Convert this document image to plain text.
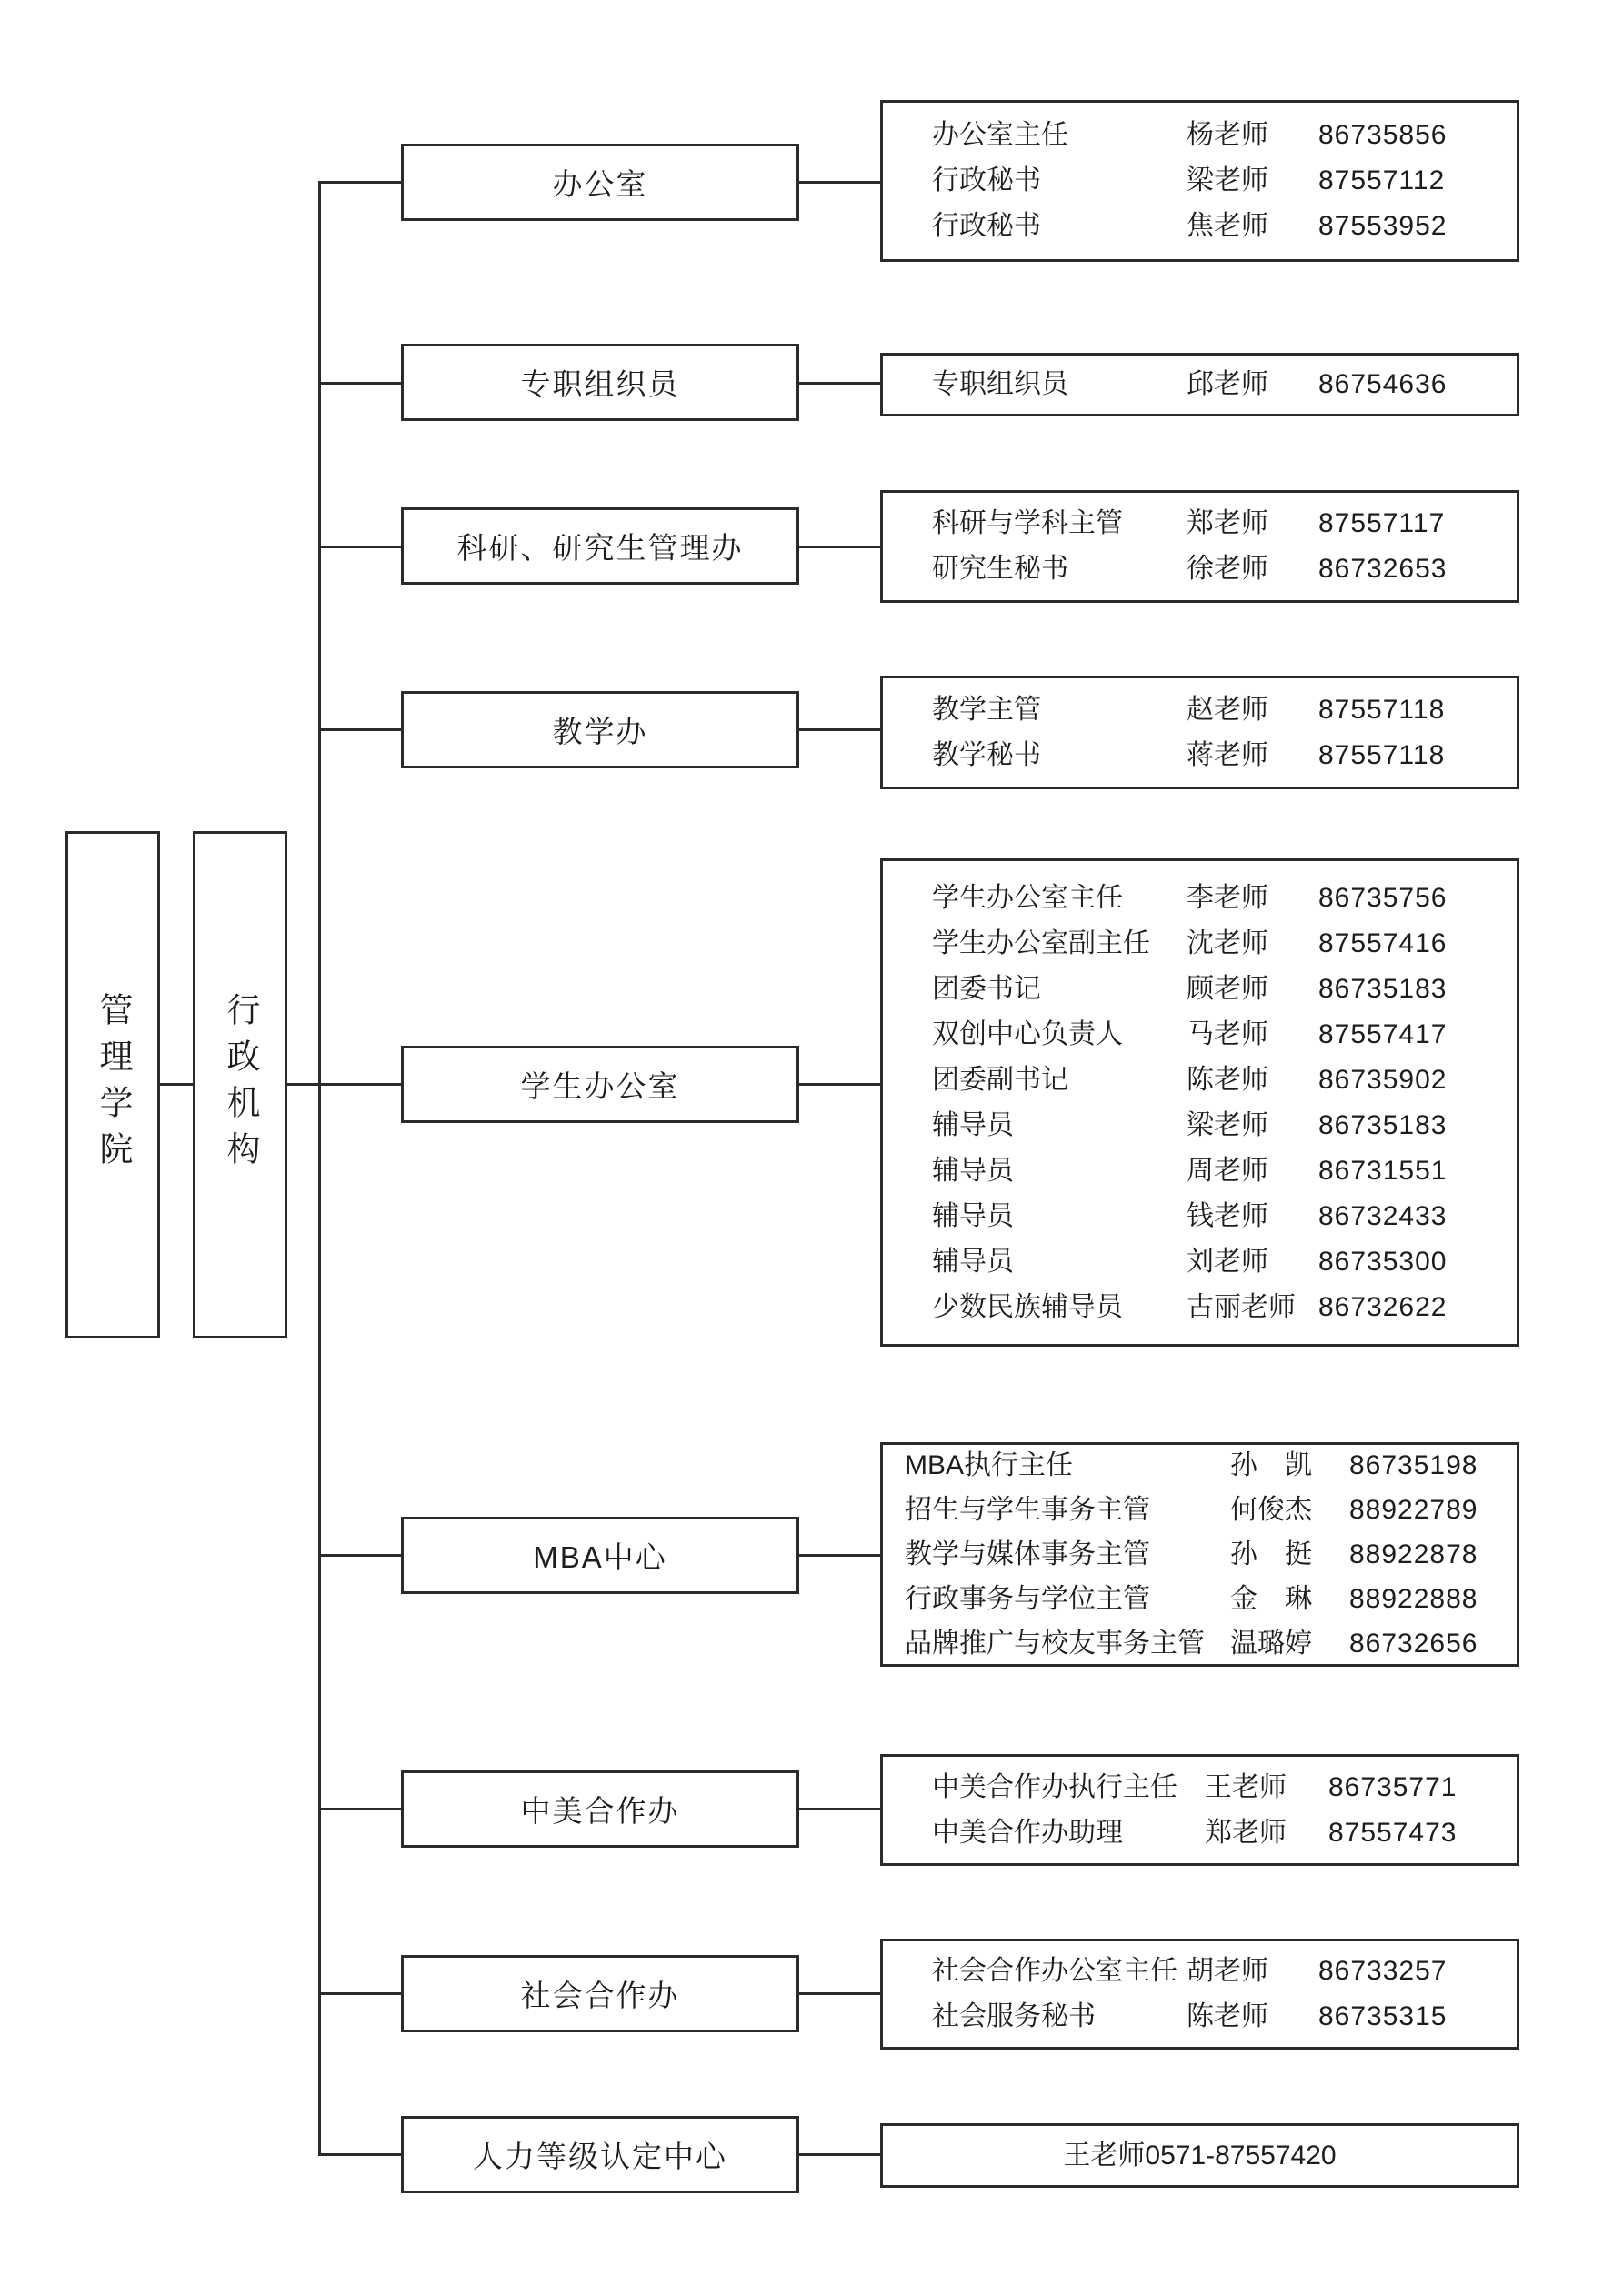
管理学院	行政机构
办公室
专职组织员
科研、研究生管理办
教学办
学生办公室
MBA中心
中美合作办
社会合作办
人力等级认定中心
办公室主任	杨老师	86735856
行政秘书	梁老师	87557112
行政秘书	焦老师	87553952
专职组织员	邱老师	86754636
科研与学科主管	郑老师	87557117
研究生秘书	徐老师	86732653
教学主管	赵老师	87557118
教学秘书	蒋老师	87557118
学生办公室主任	李老师	86735756
学生办公室副主任	沈老师	87557416
团委书记	顾老师	86735183
双创中心负责人	马老师	87557417
团委副书记	陈老师	86735902
辅导员	梁老师	86735183
辅导员	周老师	86731551
辅导员	钱老师	86732433
辅导员	刘老师	86735300
少数民族辅导员	古丽老师 86732622
MBA执行主任	孙　凯	86735198
招生与学生事务主管	何俊杰	88922789
教学与媒体事务主管	孙　挺	88922878
行政事务与学位主管	金　琳	88922888
品牌推广与校友事务主管 温璐婷	86732656
中美合作办执行主任	王老师	86735771
中美合作办助理	郑老师	87557473
社会合作办公室主任 胡老师	86733257
社会服务秘书	陈老师	86735315
王老师0571-87557420
